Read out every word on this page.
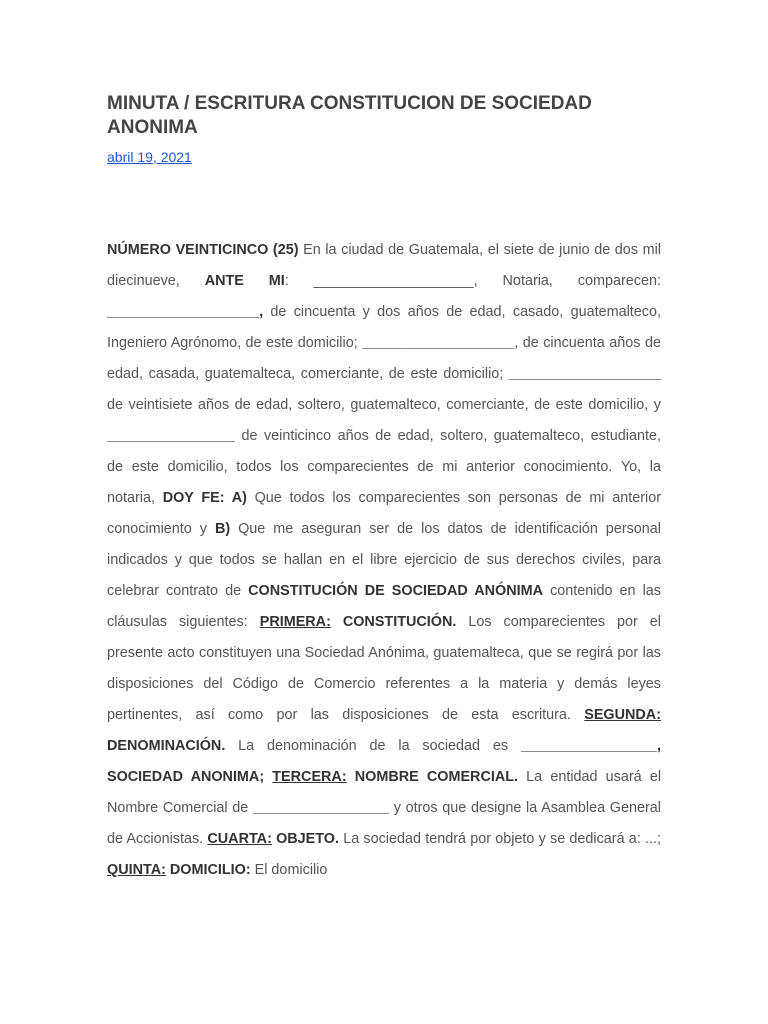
MINUTA / ESCRITURA CONSTITUCION DE SOCIEDAD ANONIMA
abril 19, 2021
NÚMERO VEINTICINCO (25) En la ciudad de Guatemala, el siete de junio de dos mil diecinueve, ANTE MI: ____________________, Notaria, comparecen: ___________________, de cincuenta y dos años de edad, casado, guatemalteco, Ingeniero Agrónomo, de este domicilio; ___________________, de cincuenta años de edad, casada, guatemalteca, comerciante, de este domicilio; ___________________ de veintisiete años de edad, soltero, guatemalteco, comerciante, de este domicilio, y ________________ de veinticinco años de edad, soltero, guatemalteco, estudiante, de este domicilio, todos los comparecientes de mi anterior conocimiento. Yo, la notaria, DOY FE: A) Que todos los comparecientes son personas de mi anterior conocimiento y B) Que me aseguran ser de los datos de identificación personal indicados y que todos se hallan en el libre ejercicio de sus derechos civiles, para celebrar contrato de CONSTITUCIÓN DE SOCIEDAD ANÓNIMA contenido en las cláusulas siguientes: PRIMERA: CONSTITUCIÓN. Los comparecientes por el presente acto constituyen una Sociedad Anónima, guatemalteca, que se regirá por las disposiciones del Código de Comercio referentes a la materia y demás leyes pertinentes, así como por las disposiciones de esta escritura. SEGUNDA: DENOMINACIÓN. La denominación de la sociedad es _________________, SOCIEDAD ANONIMA; TERCERA: NOMBRE COMERCIAL. La entidad usará el Nombre Comercial de _________________ y otros que designe la Asamblea General de Accionistas. CUARTA: OBJETO. La sociedad tendrá por objeto y se dedicará a: ...; QUINTA: DOMICILIO: El domicilio
